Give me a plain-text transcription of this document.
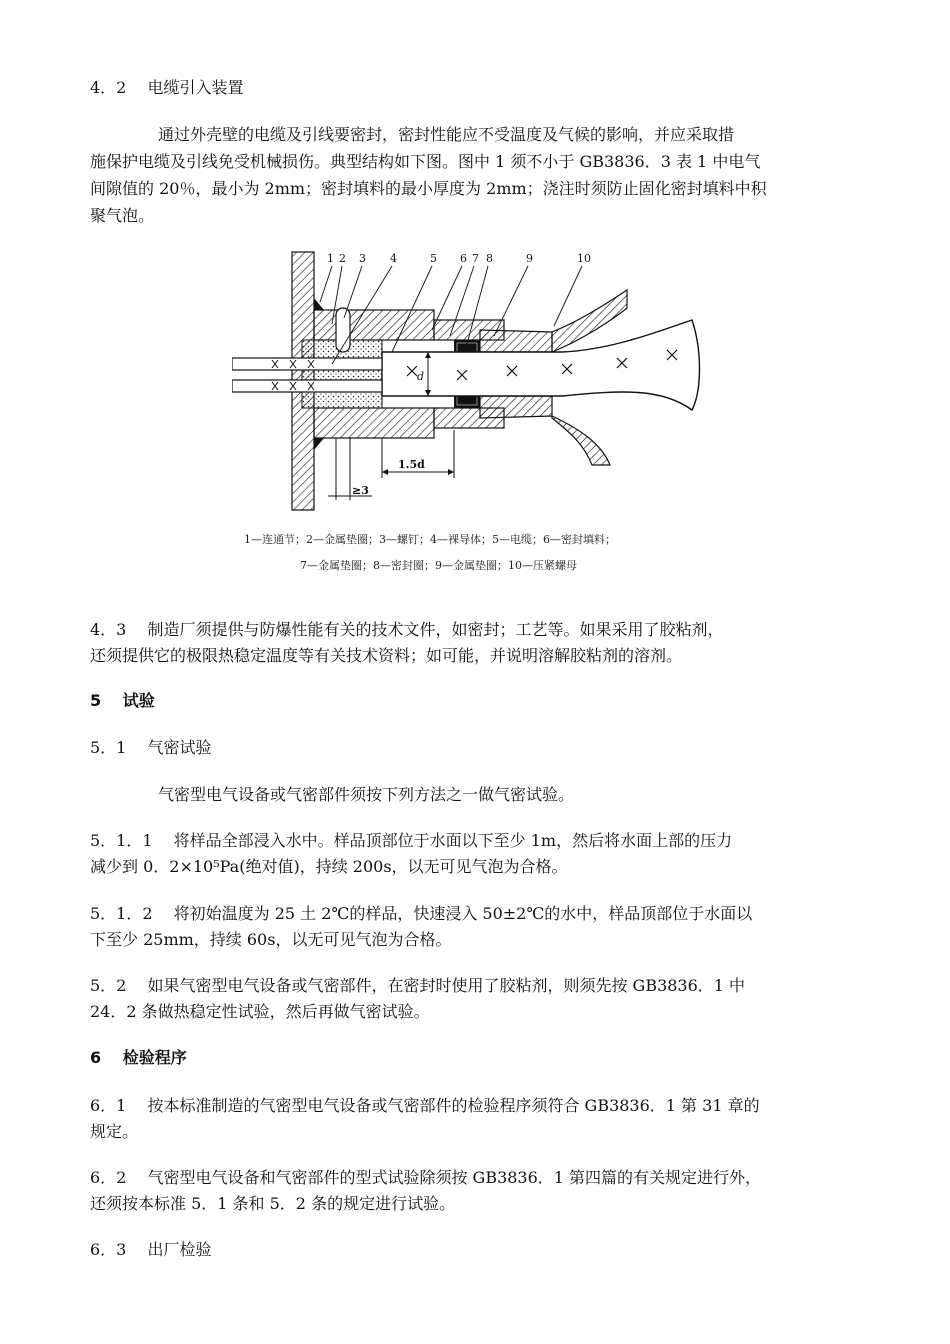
4．2　 电缆引入装置
通过外壳壁的电缆及引线要密封，密封性能应不受温度及气候的影响，并应采取措
施保护电缆及引线免受机械损伤。典型结构如下图。图中 1 须不小于 GB3836．3 表 1 中电气
间隙值的 20％，最小为 2mm；密封填料的最小厚度为 2mm；浇注时须防止固化密封填料中积
聚气泡。
d
1.5d
≥3
1 2 3 4	5 6 7 8	9	10
1—连通节；2—金属垫圈；3—螺钉；4—裸导体；5—电缆；6—密封填料；
7—金属垫圈；8—密封圈；9—金属垫圈；10—压紧螺母
4．3　 制造厂须提供与防爆性能有关的技术文件，如密封；工艺等。如果采用了胶粘剂，
还须提供它的极限热稳定温度等有关技术资料；如可能，并说明溶解胶粘剂的溶剂。
5　 试验
5．1　 气密试验
气密型电气设备或气密部件须按下列方法之一做气密试验。
5．1．1　 将样品全部浸入水中。样品顶部位于水面以下至少 1m，然后将水面上部的压力
减少到 0．2×10⁵Pa(绝对值)，持续 200s，以无可见气泡为合格。
5．1．2　 将初始温度为 25 土 2℃的样品，快速浸入 50±2℃的水中，样品顶部位于水面以
下至少 25mm，持续 60s，以无可见气泡为合格。
5．2　 如果气密型电气设备或气密部件，在密封时使用了胶粘剂，则须先按 GB3836．1 中
24．2 条做热稳定性试验，然后再做气密试验。
6　 检验程序
6．1　 按本标准制造的气密型电气设备或气密部件的检验程序须符合 GB3836．1 第 31 章的
规定。
6．2　 气密型电气设备和气密部件的型式试验除须按 GB3836．1 第四篇的有关规定进行外，
还须按本标准 5．1 条和 5．2 条的规定进行试验。
6．3　 出厂检验
